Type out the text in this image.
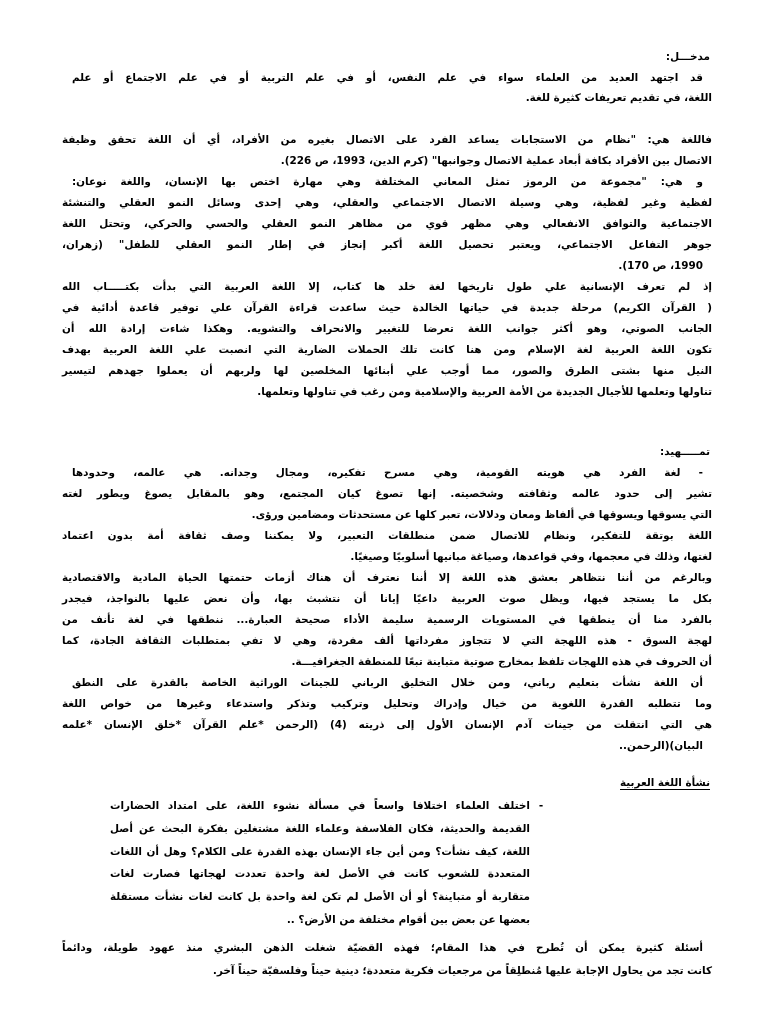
مدخـــل:
قد اجتهد العديد من العلماء سواء في علم النفس، أو في علم التربية أو في علم الاجتماع أو علم
اللغة، في تقديم تعريفات كثيرة للغة.
فاللغة هي: "نظام من الاستجابات يساعد الفرد على الاتصال بغيره من الأفراد، أي أن اللغة تحقق وظيفة
الاتصال بين الأفراد بكافة أبعاد عملية الاتصال وجوانبها" (كرم الدين، 1993، ص 226).
و هي: "مجموعة من الرموز تمثل المعاني المختلفة وهي مهارة اختص بها الإنسان، واللغة نوعان:
لفظية وغير لفظية، وهي وسيلة الاتصال الاجتماعي والعقلي، وهي إحدى وسائل النمو العقلي والتنشئة
الاجتماعية والتوافق الانفعالي وهي مظهر قوي من مظاهر النمو العقلي والحسي والحركي، وتحتل اللغة
جوهر التفاعل الاجتماعي، ويعتبر تحصيل اللغة أكبر إنجاز في إطار النمو العقلي للطفل" (زهران،
1990، ص 170).
إذ لم تعرف الإنسانية علي طول تاريخها لغة خلد ها كتاب، إلا اللغة العربية التي بدأت بكتـــــاب الله
( القرآن الكريم) مرحلة جديدة في حياتها الخالدة حيث ساعدت قراءة القرآن علي توفير قاعدة أدائية في
الجانب الصوتي، وهو أكثر جوانب اللغة تعرضا للتغيير والانحراف والتشويه. وهكذا شاءت إرادة الله أن
تكون اللغة العربية لغة الإسلام ومن هنا كانت تلك الحملات الضارية التي انصبت علي اللغة العربية بهدف
النيل منها بشتى الطرق والصور، مما أوجب علي أبنائها المخلصين لها ولربهم أن يعملوا جهدهم لتيسير
تناولها وتعلمها للأجيال الجديدة من الأمة العربية والإسلامية ومن رغب في تناولها وتعلمها.
تمـــــهيد:
- لغة الفرد هي هويته القومية، وهي مسرح تفكيره، ومجال وجدانه. هي عالمه، وحدودها
تشير إلى حدود عالمه وثقافته وشخصيته. إنها تصوغ كيان المجتمع، وهو بالمقابل يصوغ ويطور لغته
التي يسوقها ويسوقها في ألفاظ ومعان ودلالات، تعبر كلها عن مستحدثات ومضامين ورؤى.
اللغة بوتقة للتفكير، ونظام للاتصال ضمن منطلقات التعبير، ولا يمكننا وصف ثقافة أمة بدون اعتماد
لغتها، وذلك في معجمها، وفي قواعدها، وصياغة مبانيها أسلوبيًا وصيغيًا.
وبالرغم من أننا نتظاهر بعشق هذه اللغة إلا أننا نعترف أن هناك أزمات حتمتها الحياة المادية والاقتصادية
بكل ما يستجد فيها، ويظل صوت العربية داعيًا إيانا أن نتشبث بها، وأن نعض عليها بالنواجذ، فيجدر
بالفرد منا أن ينطقها في المستويات الرسمية سليمة الأداء صحيحة العبارة... ننطقها في لغة تأنف من
لهجة السوق - هذه اللهجة التي لا تتجاوز مفرداتها ألف مفردة، وهي لا تفي بمتطلبات الثقافة الجادة، كما
أن الحروف في هذه اللهجات تلفظ بمخارج صوتية متباينة تبعًا للمنطقة الجغرافيـــة.
أن اللغة نشأت بتعليم رباني، ومن خلال التخليق الرباني للجينات الوراثية الخاصة بالقدرة على النطق
وما تتطلبه القدرة اللغوية من خيال وإدراك وتحليل وتركيب وتذكر واستدعاء وغيرها من خواص اللغة
هي التي انتقلت من جينات آدم الإنسان الأول إلى ذريته (4) (الرحمن *علم القرآن *خلق الإنسان *علمه
البيان)(الرحمن..
نشأة اللغة العربية
-
اختلف العلماء اختلافا واسعاً في مسألة نشوء اللغة، على امتداد الحضارات
القديمة والحديثة، فكان الفلاسفة وعلماء اللغة مشتغلين بفكرة البحث عن أصل
اللغة، كيف نشأت؟ ومن أين جاء الإنسان بهذه القدرة على الكلام؟ وهل أن اللغات
المتعددة للشعوب كانت في الأصل لغة واحدة تعددت لهجاتها فصارت لغات
متقاربة أو متباينة؟ أو أن الأصل لم تكن لغة واحدة بل كانت لغات نشأت مستقلة
بعضها عن بعض بين أقوام مختلفة من الأرض؟ ..
أسئلة كثيرة يمكن أن تُطرح في هذا المقام؛ فهذه القضيّة شغلت الذهن البشري منذ عهود طويلة، ودائماً
كانت تجد من يحاول الإجابة عليها مُنطلِقاً من مرجعيات فكرية متعددة؛ دينية حيناً وفلسفيّة حيناً آخر.
